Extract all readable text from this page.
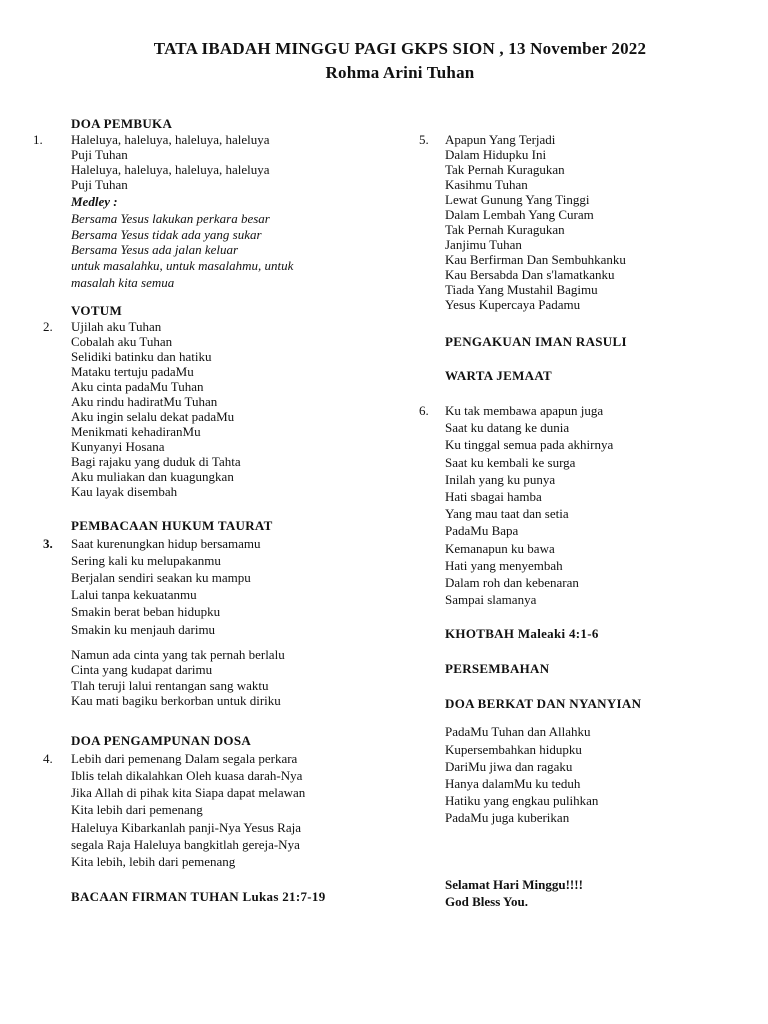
TATA IBADAH MINGGU PAGI GKPS SION , 13 November 2022
Rohma Arini Tuhan
DOA PEMBUKA
1.	Haleluya, haleluya, haleluya, haleluya
Puji Tuhan
Haleluya, haleluya, haleluya, haleluya
Puji Tuhan
Medley :
Bersama Yesus lakukan perkara besar
Bersama Yesus tidak ada yang sukar
Bersama Yesus ada jalan keluar
untuk masalahku, untuk masalahmu, untuk
masalah kita semua
VOTUM
2.	Ujilah aku Tuhan
Cobalah aku Tuhan
Selidiki batinku dan hatiku
Mataku tertuju padaMu
Aku cinta padaMu Tuhan
Aku rindu hadiratMu Tuhan
Aku ingin selalu dekat padaMu
Menikmati kehadiranMu
Kunyanyi Hosana
Bagi rajaku yang duduk di Tahta
Aku muliakan dan kuagungkan
Kau layak disembah
PEMBACAAN HUKUM TAURAT
3.	Saat kurenungkan hidup bersamamu
Sering kali ku melupakanmu
Berjalan sendiri seakan ku mampu
Lalui tanpa kekuatanmu
Smakin berat beban hidupku
Smakin ku menjauh darimu
Namun ada cinta yang tak pernah berlalu
Cinta yang kudapat darimu
Tlah teruji lalui rentangan sang waktu
Kau mati bagiku berkorban untuk diriku
DOA PENGAMPUNAN DOSA
4.	Lebih dari pemenang Dalam segala perkara
Iblis telah dikalahkan Oleh kuasa darah-Nya
Jika Allah di pihak kita Siapa dapat melawan
Kita lebih dari pemenang
Haleluya Kibarkanlah panji-Nya Yesus Raja
segala Raja Haleluya bangkitlah gereja-Nya
Kita lebih, lebih dari pemenang
BACAAN FIRMAN TUHAN Lukas 21:7-19
5.	Apapun Yang Terjadi
Dalam Hidupku Ini
Tak Pernah Kuragukan
Kasihmu Tuhan
Lewat Gunung Yang Tinggi
Dalam Lembah Yang Curam
Tak Pernah Kuragukan
Janjimu Tuhan
Kau Berfirman Dan Sembuhkanku
Kau Bersabda Dan s'lamatkanku
Tiada Yang Mustahil Bagimu
Yesus Kupercaya Padamu
PENGAKUAN IMAN RASULI
WARTA JEMAAT
6.	Ku tak membawa apapun juga
Saat ku datang ke dunia
Ku tinggal semua pada akhirnya
Saat ku kembali ke surga
Inilah yang ku punya
Hati sbagai hamba
Yang mau taat dan setia
PadaMu Bapa
Kemanapun ku bawa
Hati yang menyembah
Dalam roh dan kebenaran
Sampai slamanya
KHOTBAH Maleaki 4:1-6
PERSEMBAHAN
DOA BERKAT DAN NYANYIAN
PadaMu Tuhan dan Allahku
Kupersembahkan hidupku
DariMu jiwa dan ragaku
Hanya dalamMu ku teduh
Hatiku yang engkau pulihkan
PadaMu juga kuberikan
Selamat Hari Minggu!!!!
God Bless You.
